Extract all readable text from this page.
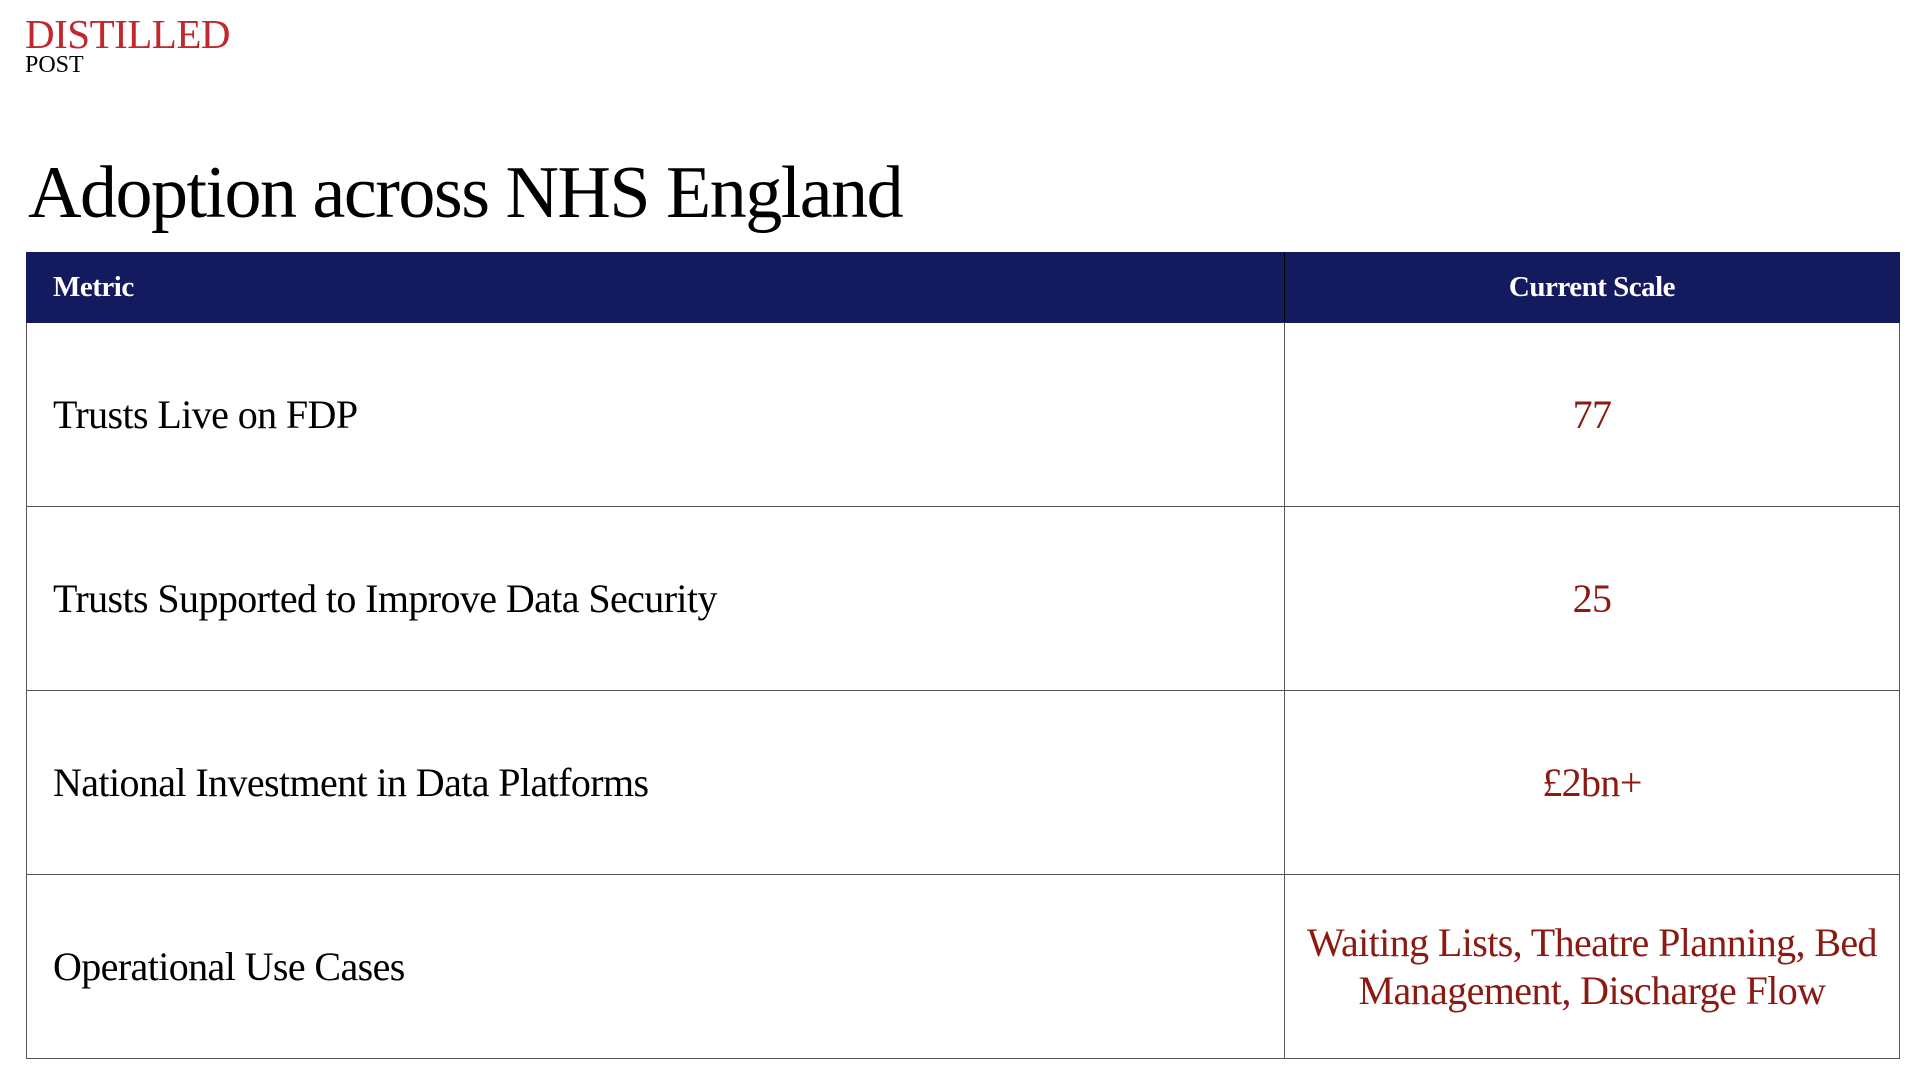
DISTILLED
POST
Adoption across NHS England
Metric	Current Scale
Trusts Live on FDP	77
Trusts Supported to Improve Data Security	25
National Investment in Data Platforms	£2bn+
Operational Use Cases	Waiting Lists, Theatre Planning, Bed Management, Discharge Flow
